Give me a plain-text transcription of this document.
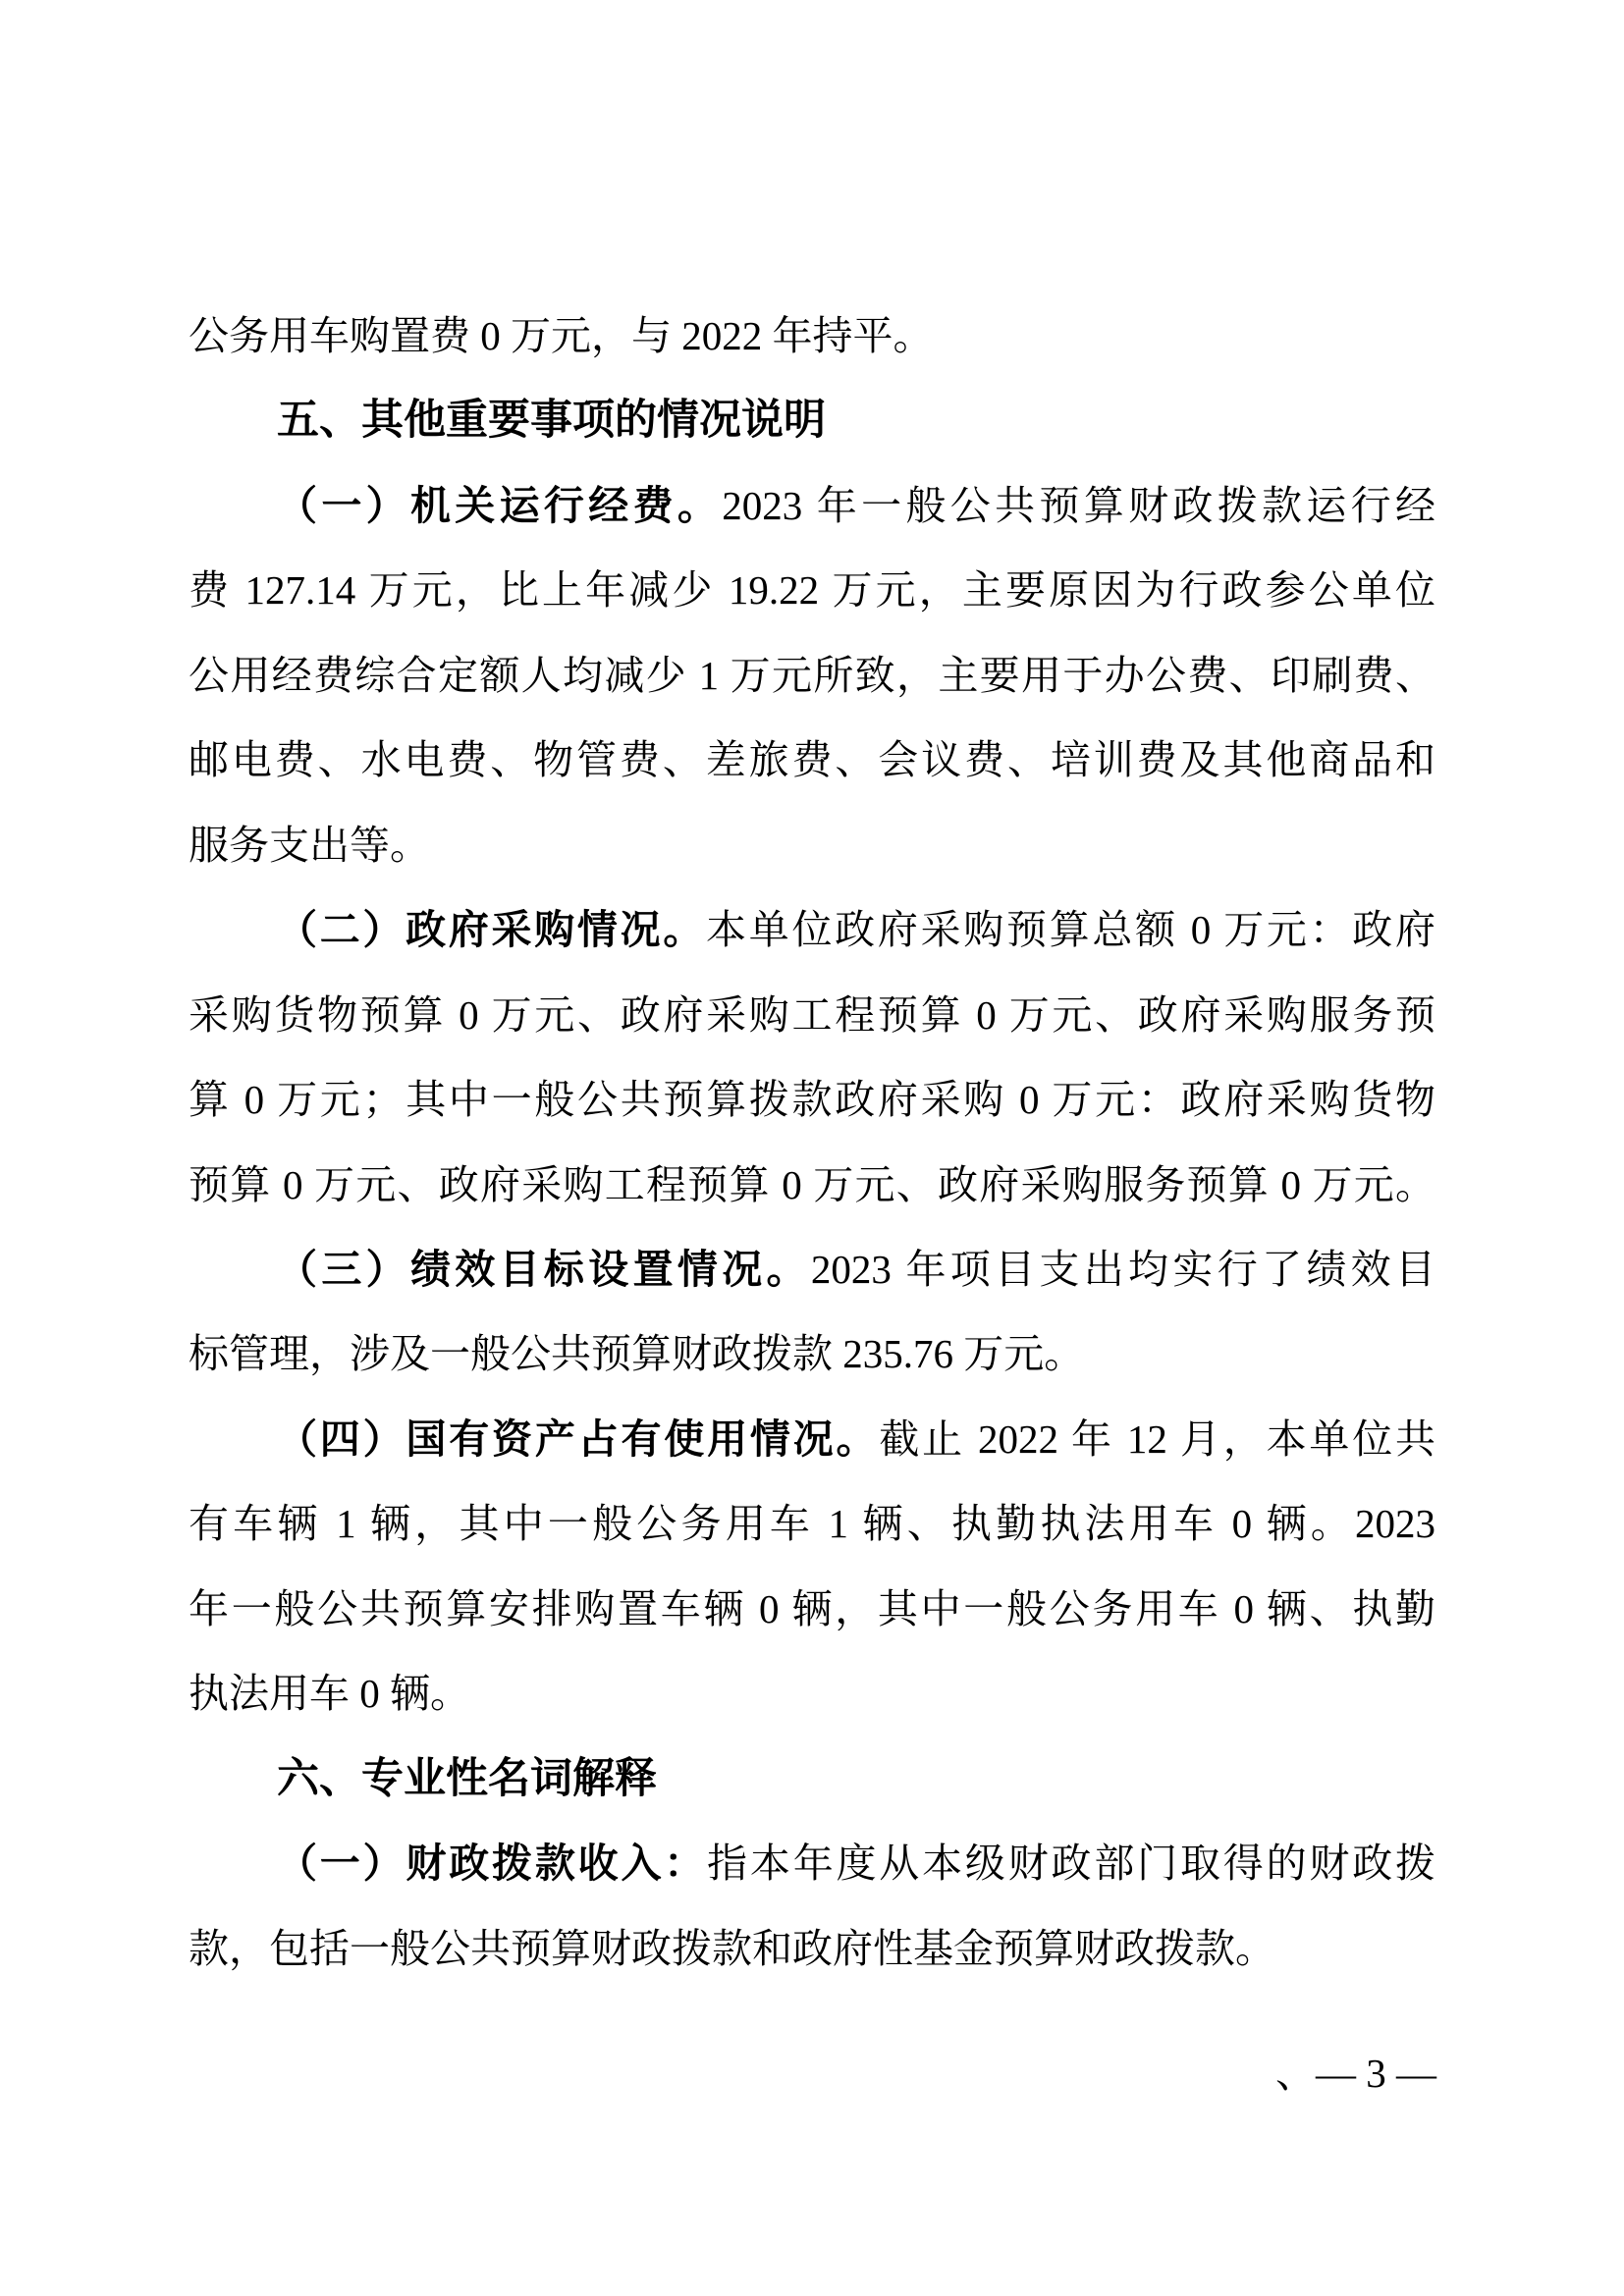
公务用车购置费 0 万元，与 2022 年持平。
五、其他重要事项的情况说明
（一）机关运行经费。2023 年一般公共预算财政拨款运行经
费 127.14 万元，比上年减少 19.22 万元，主要原因为行政参公单位
公用经费综合定额人均减少 1 万元所致，主要用于办公费、印刷费、
邮电费、水电费、物管费、差旅费、会议费、培训费及其他商品和
服务支出等。
（二）政府采购情况。本单位政府采购预算总额 0 万元：政府
采购货物预算 0 万元、政府采购工程预算 0 万元、政府采购服务预
算 0 万元；其中一般公共预算拨款政府采购 0 万元：政府采购货物
预算 0 万元、政府采购工程预算 0 万元、政府采购服务预算 0 万元。
（三）绩效目标设置情况。2023 年项目支出均实行了绩效目
标管理，涉及一般公共预算财政拨款 235.76 万元。
（四）国有资产占有使用情况。截止 2022 年 12 月，本单位共
有车辆 1 辆，其中一般公务用车 1 辆、执勤执法用车 0 辆。2023
年一般公共预算安排购置车辆 0 辆，其中一般公务用车 0 辆、执勤
执法用车 0 辆。
六、专业性名词解释
（一）财政拨款收入：指本年度从本级财政部门取得的财政拨
款，包括一般公共预算财政拨款和政府性基金预算财政拨款。
、— 3 —
